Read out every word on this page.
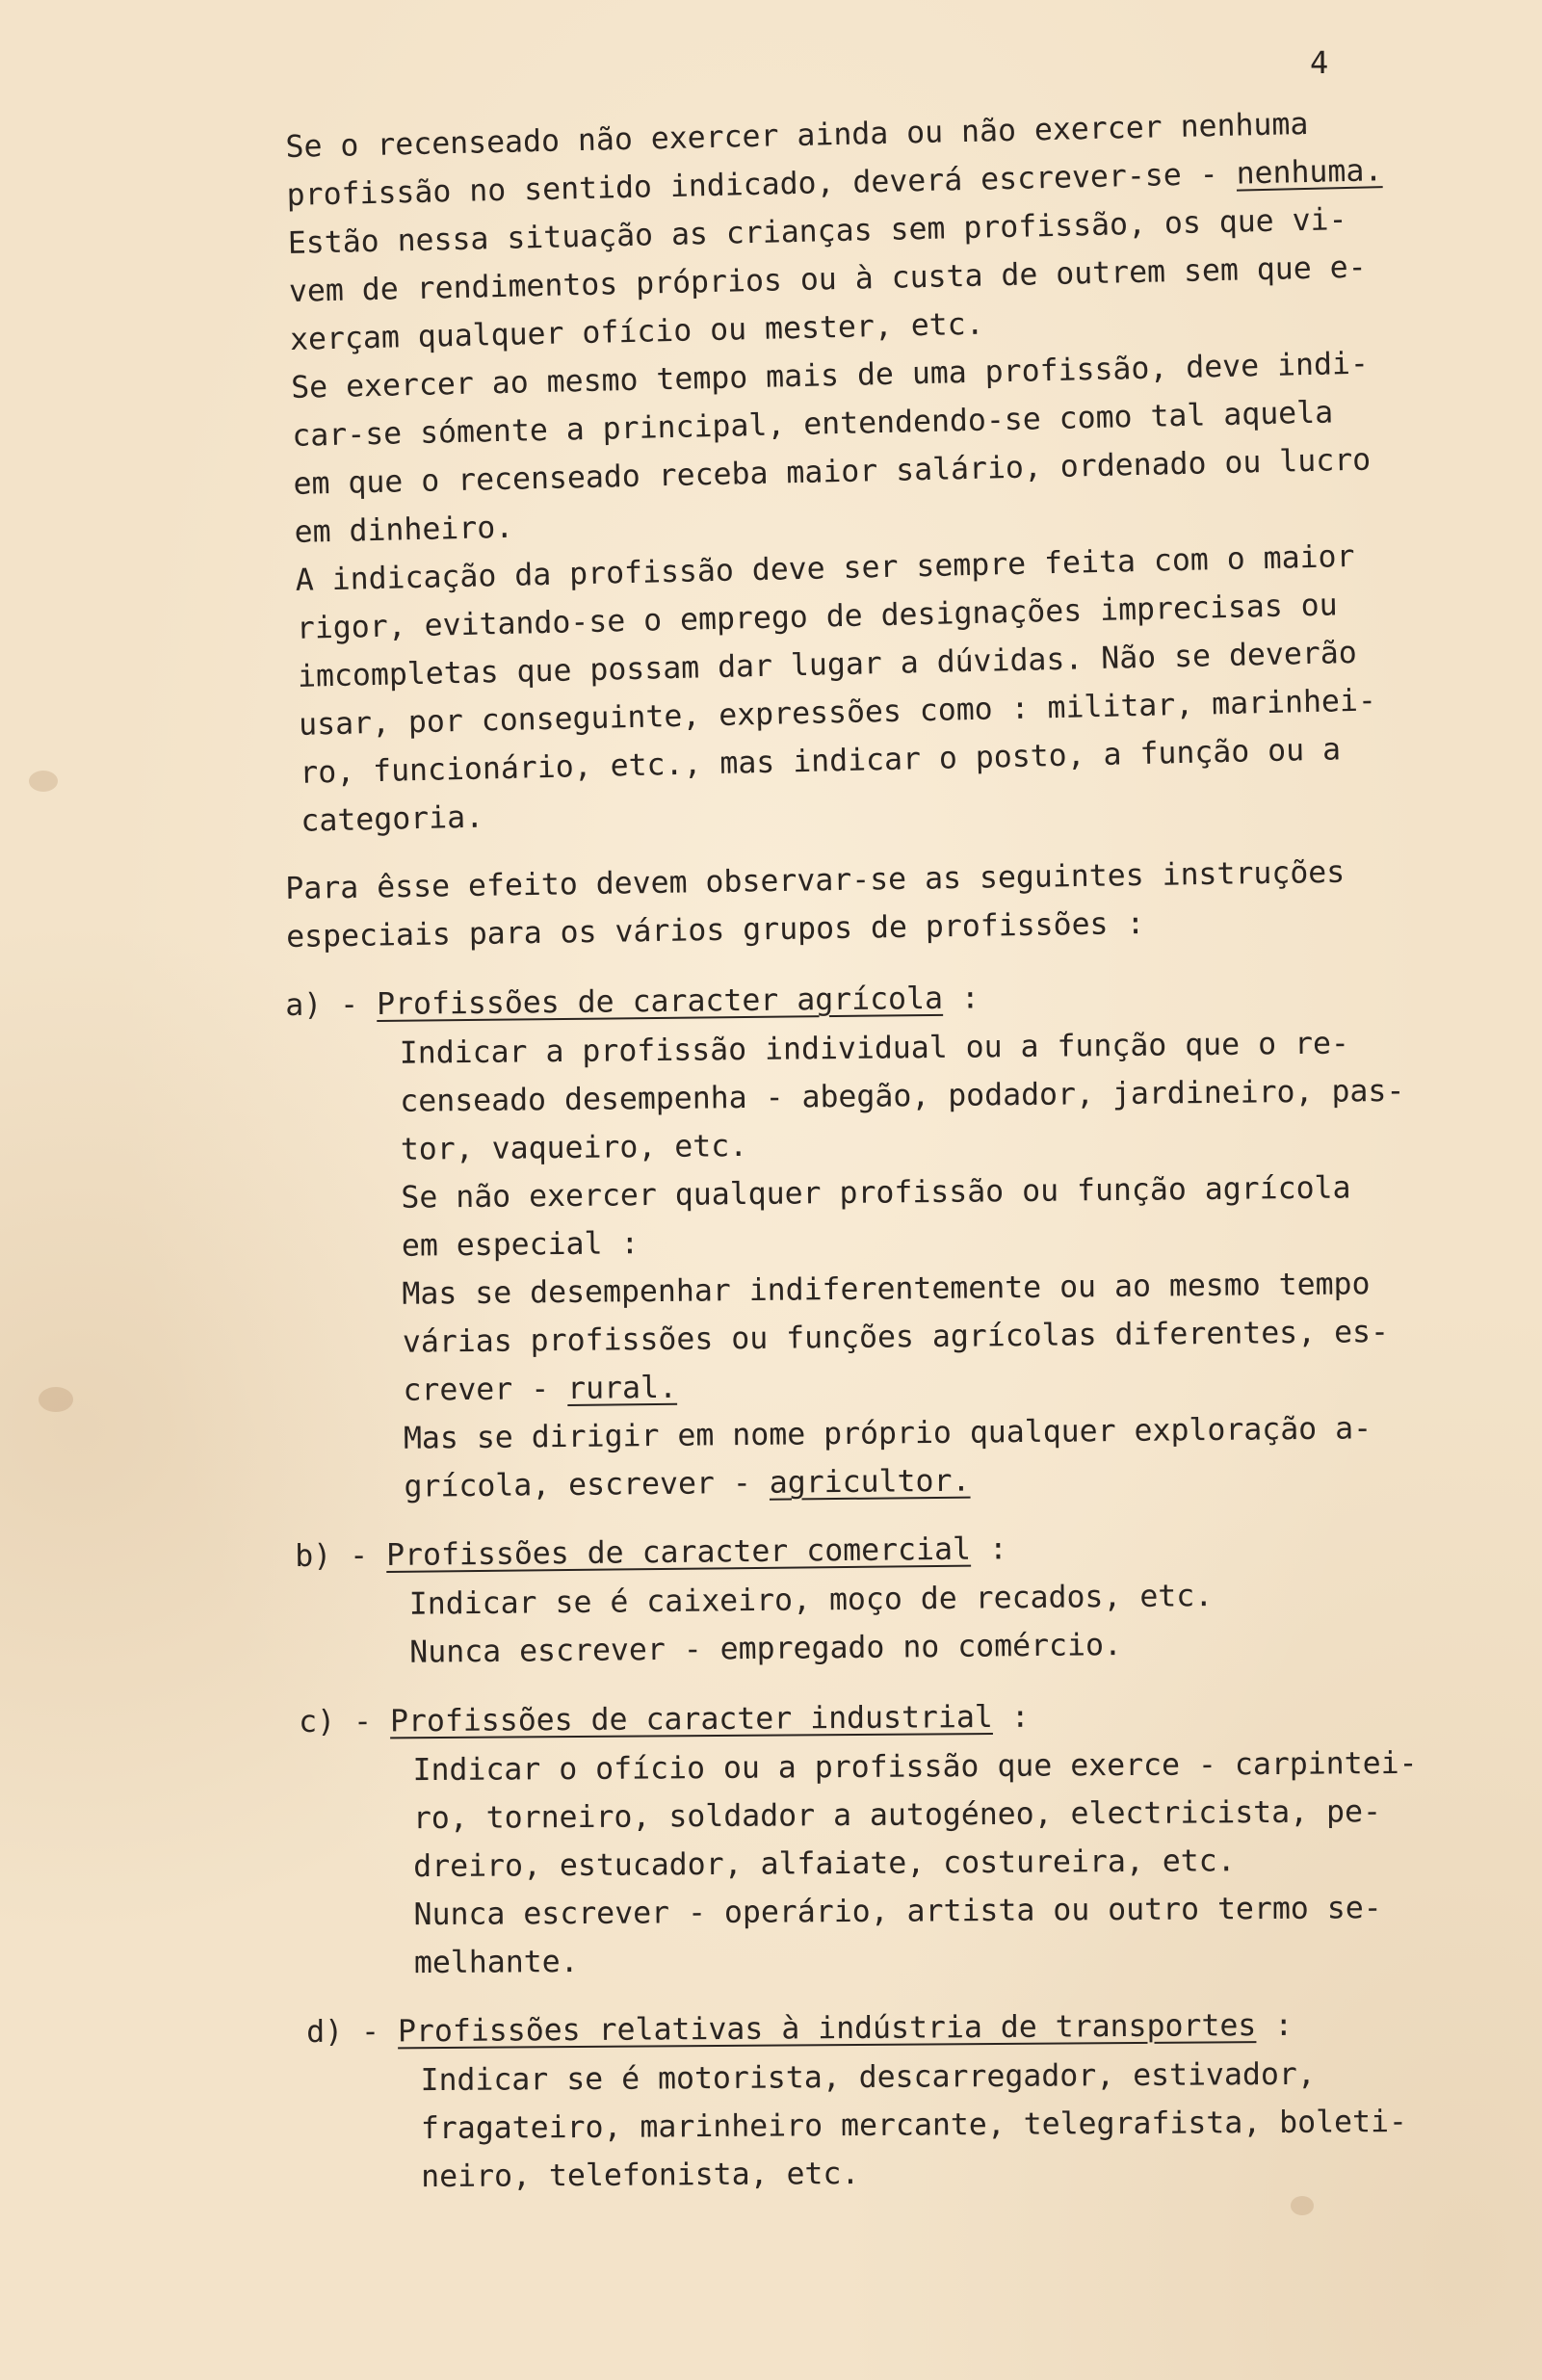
4
Se o recenseado não exercer ainda ou não exercer nenhuma
profissão no sentido indicado, deverá escrever-se - nenhuma.
Estão nessa situação as crianças sem profissão, os que vi-
vem de rendimentos próprios ou à custa de outrem sem que e-
xerçam qualquer ofício ou mester, etc.
Se exercer ao mesmo tempo mais de uma profissão, deve indi-
car-se sómente a principal, entendendo-se como tal aquela
em que o recenseado receba maior salário, ordenado ou lucro
em dinheiro.
A indicação da profissão deve ser sempre feita com o maior
rigor, evitando-se o emprego de designações imprecisas ou
imcompletas que possam dar lugar a dúvidas. Não se deverão
usar, por conseguinte, expressões como : militar, marinhei-
ro, funcionário, etc., mas indicar o posto, a função ou a
categoria.
Para êsse efeito devem observar-se as seguintes instruções
especiais para os vários grupos de profissões :
a) - Profissões de caracter agrícola :
Indicar a profissão individual ou a função que o re-
censeado desempenha - abegão, podador, jardineiro, pas-
tor, vaqueiro, etc.
Se não exercer qualquer profissão ou função agrícola
em especial :
Mas se desempenhar indiferentemente ou ao mesmo tempo
várias profissões ou funções agrícolas diferentes, es-
crever - rural.
Mas se dirigir em nome próprio qualquer exploração a-
grícola, escrever - agricultor.
b) - Profissões de caracter comercial :
Indicar se é caixeiro, moço de recados, etc.
Nunca escrever - empregado no comércio.
c) - Profissões de caracter industrial :
Indicar o ofício ou a profissão que exerce - carpintei-
ro, torneiro, soldador a autogéneo, electricista, pe-
dreiro, estucador, alfaiate, costureira, etc.
Nunca escrever - operário, artista ou outro termo se-
melhante.
d) - Profissões relativas à indústria de transportes :
Indicar se é motorista, descarregador, estivador,
fragateiro, marinheiro mercante, telegrafista, boleti-
neiro, telefonista, etc.
